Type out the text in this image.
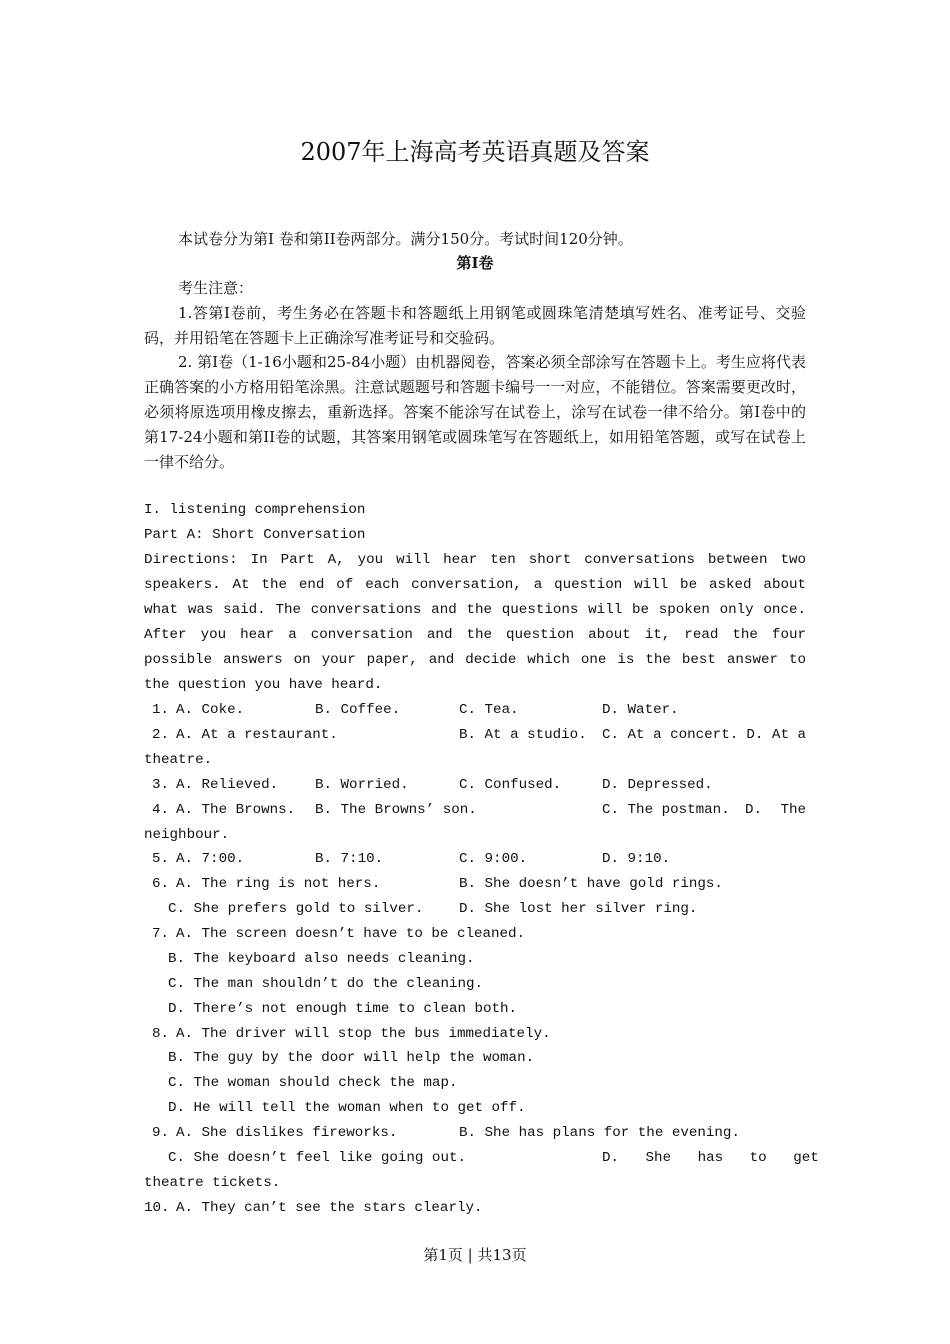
2007年上海高考英语真题及答案
本试卷分为第Ⅰ 卷和第II卷两部分。满分150分。考试时间120分钟。
第Ⅰ卷
考生注意：

1.答第Ⅰ卷前，考生务必在答题卡和答题纸上用钢笔或圆珠笔清楚填写姓名、准考证号、交验码，并用铅笔在答题卡上正确涂写准考证号和交验码。

2. 第Ⅰ卷（1-16小题和25-84小题）由机器阅卷，答案必须全部涂写在答题卡上。考生应将代表正确答案的小方格用铅笔涂黑。注意试题题号和答题卡编号一一对应，不能错位。答案需要更改时，必须将原选项用橡皮擦去，重新选择。答案不能涂写在试卷上，涂写在试卷一律不给分。第Ⅰ卷中的第17-24小题和第II卷的试题，其答案用钢笔或圆珠笔写在答题纸上，如用铅笔答题，或写在试卷上一律不给分。

I. listening comprehension
Part A: Short Conversation

Directions: In Part A, you will hear ten short conversations between two speakers. At the end of each conversation, a question will be asked about what was said. The conversations and the questions will be spoken only once. After you hear a conversation and the question about it, read the four possible answers on your paper, and decide which one is the best answer to the question you have heard.

1.

A. Coke.

	B. Coffee.

	C. Tea.

	D. Water.

2.

A. At a restaurant.

	B. At a studio.

C. At a concert.

D. At a

theatre.

3.

A. Relieved.

	B. Worried.

	C. Confused.

	D. Depressed.

4.

A. The Browns.

B. The Browns’ son.

	C. The postman.

D.

The

neighbour.

5.

A. 7:00.

	B. 7:10.

	C. 9:00.

	D. 9:10.

6.

A. The ring is not hers.

	B. She doesn’t have gold rings.

C. She prefers gold to silver.

	D. She lost her silver ring.

7.

A. The screen doesn’t have to be cleaned.

B. The keyboard also needs cleaning.

C. The man shouldn’t do the cleaning.

D. There’s not enough time to clean both.

8.

A. The driver will stop the bus immediately.

B. The guy by the door will help the woman.

C. The woman should check the map.

D. He will tell the woman when to get off.

9.

A. She dislikes fireworks.

	B. She has plans for the evening.

C. She doesn’t feel like going out.

	D. She has to get

theatre tickets.

10.

A. They can’t see the stars clearly.

第1页 | 共13页
